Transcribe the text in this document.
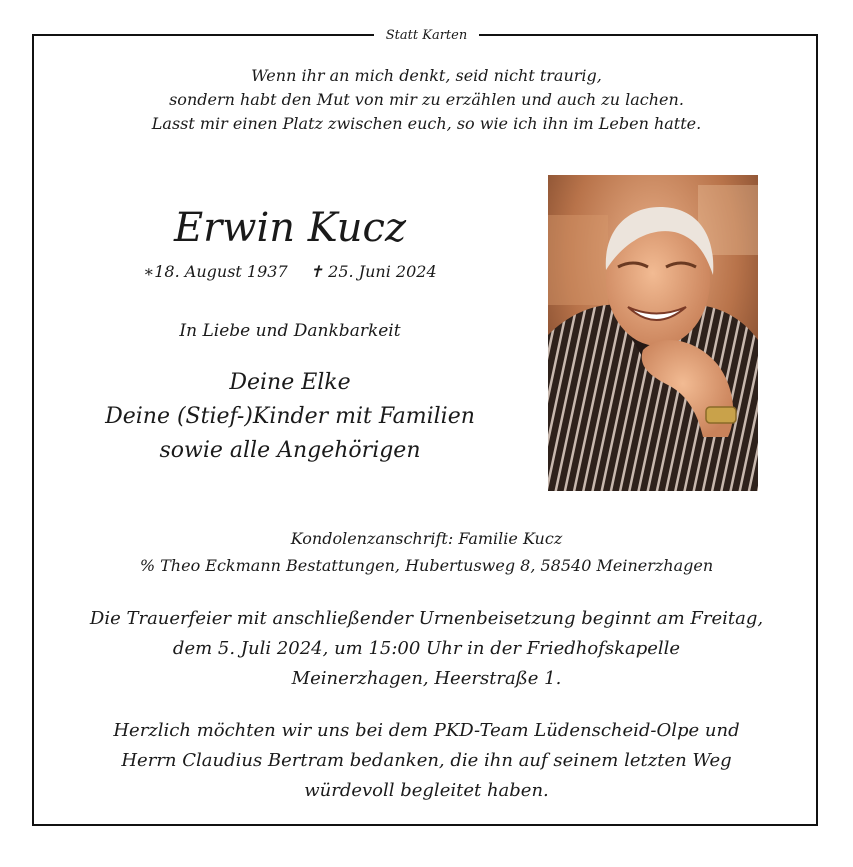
Statt Karten
Wenn ihr an mich denkt, seid nicht traurig,
sondern habt den Mut von mir zu erzählen und auch zu lachen.
Lasst mir einen Platz zwischen euch, so wie ich ihn im Leben hatte.
Erwin Kucz
∗18. August 1937 ✝ 25. Juni 2024
In Liebe und Dankbarkeit
Deine Elke
Deine (Stief-)Kinder mit Familien
sowie alle Angehörigen
Kondolenzanschrift: Familie Kucz
% Theo Eckmann Bestattungen, Hubertusweg 8, 58540 Meinerzhagen
Die Trauerfeier mit anschließender Urnenbeisetzung beginnt am Freitag,
dem 5. Juli 2024, um 15:00 Uhr in der Friedhofskapelle
Meinerzhagen, Heerstraße 1.
Herzlich möchten wir uns bei dem PKD-Team Lüdenscheid-Olpe und
Herrn Claudius Bertram bedanken, die ihn auf seinem letzten Weg
würdevoll begleitet haben.
